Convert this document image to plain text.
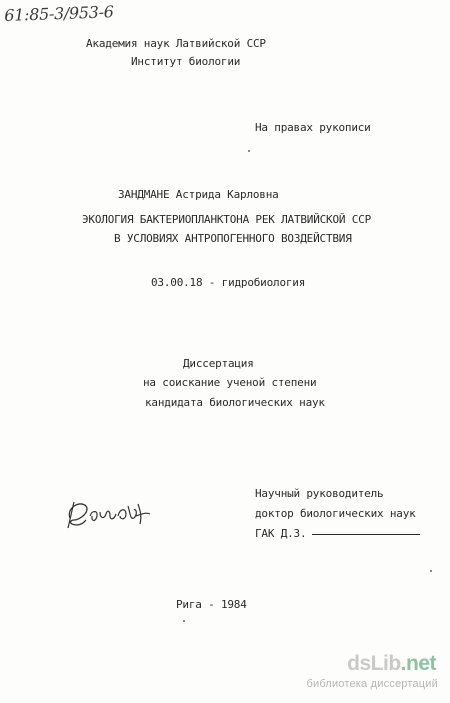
61:85-3/953-6
Академия наук Латвийской ССР
Институт биологии
На правах рукописи
ЗАНДМАНЕ Астрида Карловна
ЭКОЛОГИЯ БАКТЕРИОПЛАНКТОНА РЕК ЛАТВИЙСКОЙ ССР
В УСЛОВИЯХ АНТРОПОГЕННОГО ВОЗДЕЙСТВИЯ
03.00.18 - гидробиология
Диссертация
на соискание ученой степени
кандидата биологических наук
Научный руководитель
доктор биологических наук
ГАК Д.З.
Рига - 1984
dsLib.net
библиотека диссертаций
